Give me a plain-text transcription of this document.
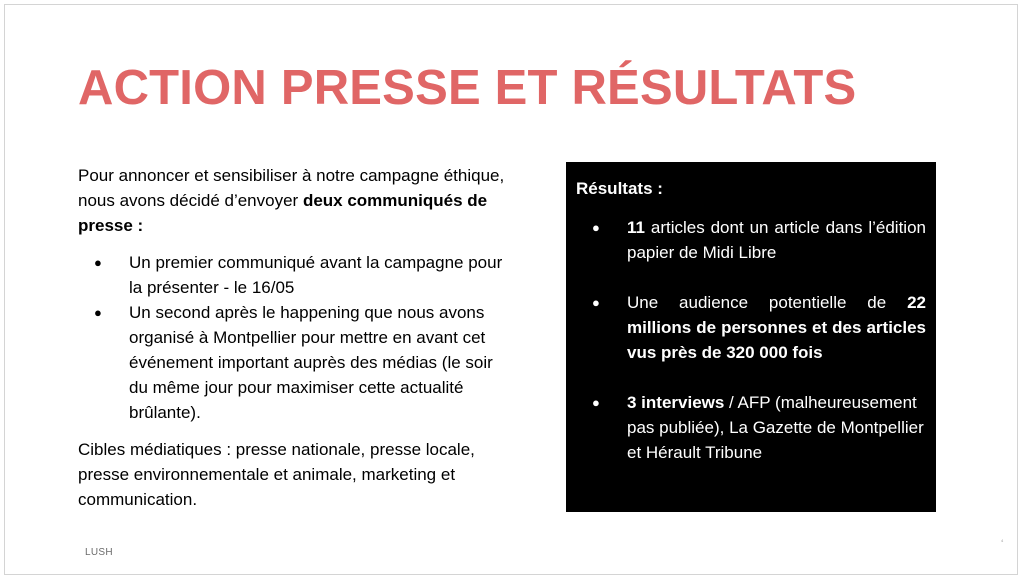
ACTION PRESSE ET RÉSULTATS

Pour annoncer et sensibiliser à notre campagne éthique, nous avons décidé d’envoyer deux communiqués de presse :

● Un premier communiqué avant la campagne pour la présenter - le 16/05
● Un second après le happening que nous avons organisé à Montpellier pour mettre en avant cet événement important auprès des médias (le soir du même jour pour maximiser cette actualité brûlante).

Cibles médiatiques : presse nationale, presse locale, presse environnementale et animale, marketing et communication.

Résultats :

● 11 articles dont un article dans l’édition papier de Midi Libre
● Une audience potentielle de 22 millions de personnes et des articles vus près de 320 000 fois
● 3 interviews / AFP (malheureusement pas publiée), La Gazette de Montpellier et Hérault Tribune
LUSH
4
